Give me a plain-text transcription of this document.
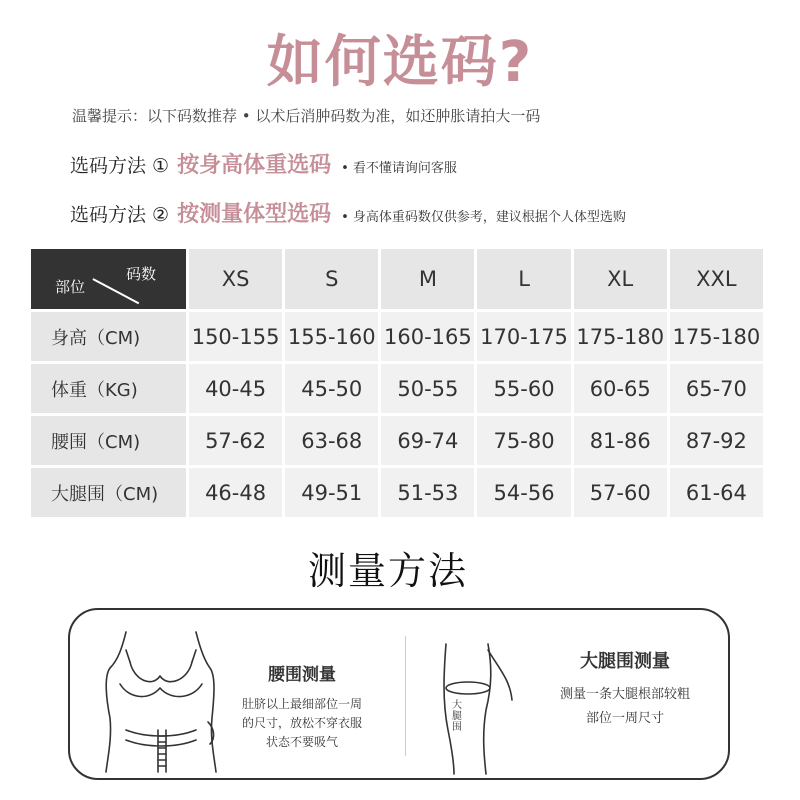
如何选码?
温馨提示：以下码数推荐 • 以术后消肿码数为准，如还肿胀请拍大一码
选码方法 ① 按身高体重选码 • 看不懂请询问客服
选码方法 ② 按测量体型选码 • 身高体重码数仅供参考，建议根据个人体型选购
码数
部位	XS	S	M	L	XL	XXL
身高（CM)	150-155	155-160	160-165	170-175	175-180	175-180
体重（KG)	40-45	45-50	50-55	55-60	60-65	65-70
腰围（CM)	57-62	63-68	69-74	75-80	81-86	87-92
大腿围（CM)	46-48	49-51	51-53	54-56	57-60	61-64
测量方法
腰围测量
肚脐以上最细部位一周
的尺寸，放松不穿衣服
状态不要吸气
大腿围
大腿围测量
测量一条大腿根部较粗
部位一周尺寸
